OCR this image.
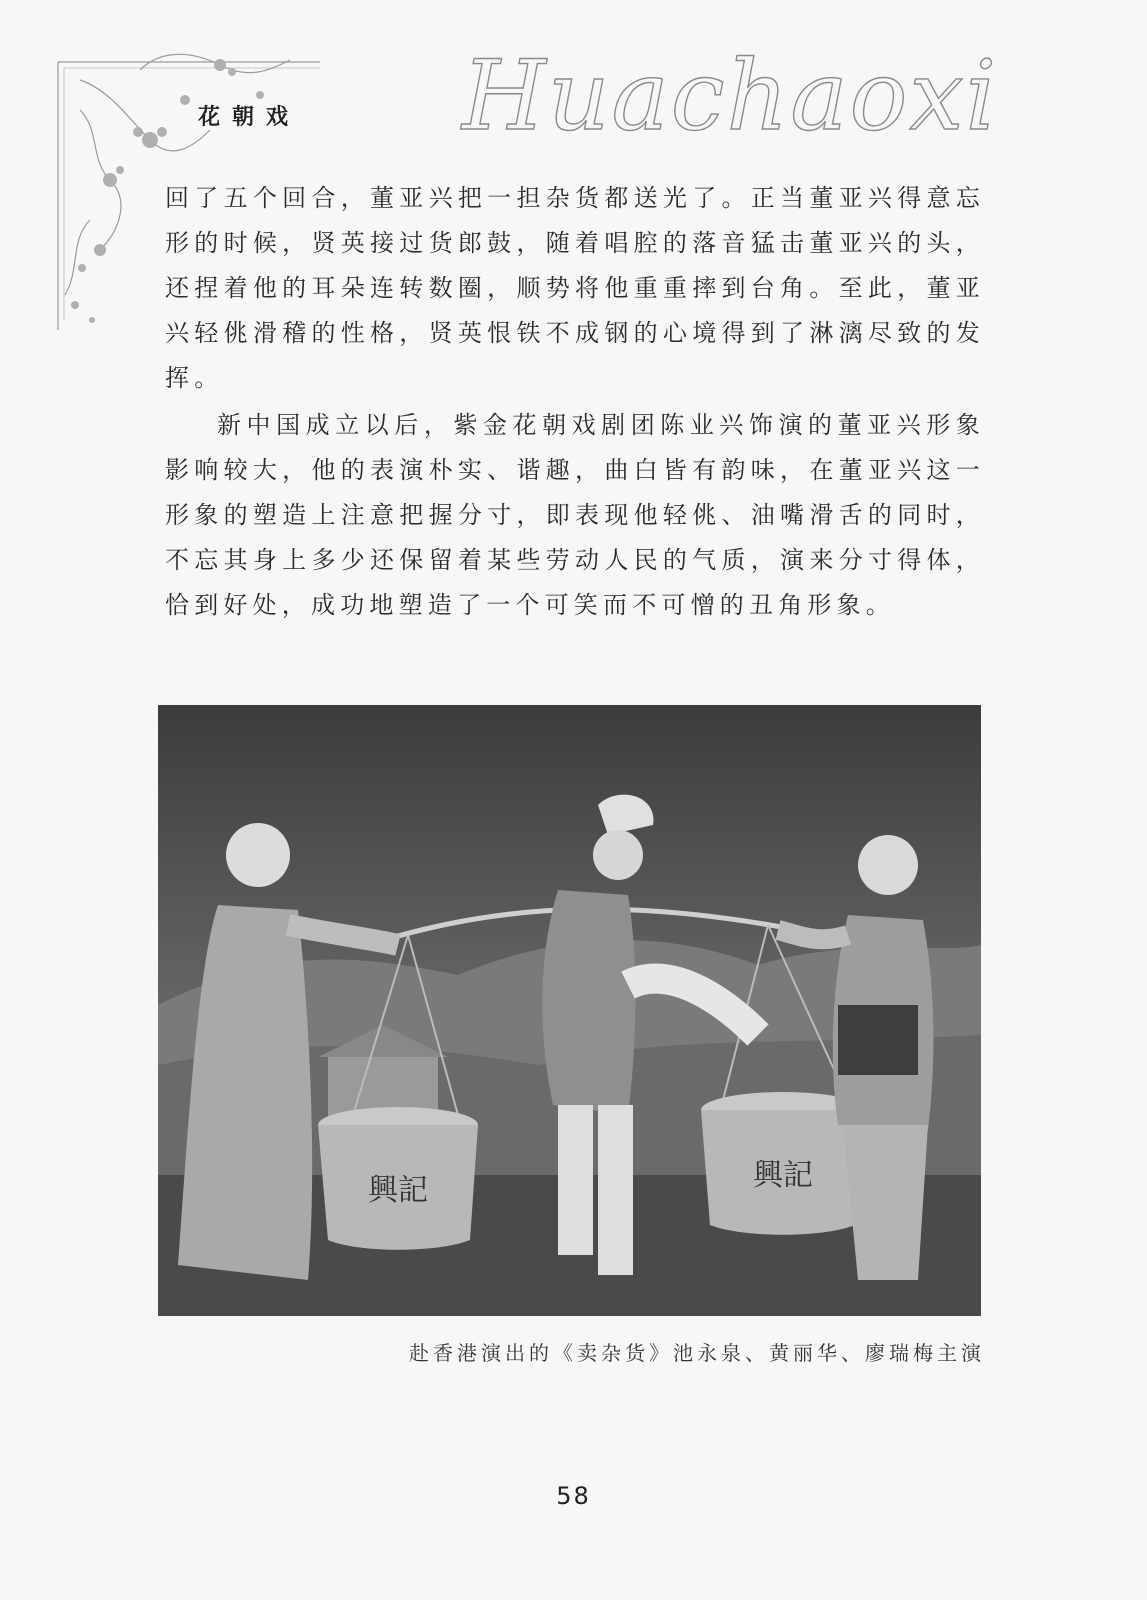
花朝戏 Huachaoxi

回了五个回合，董亚兴把一担杂货都送光了。正当董亚兴得意忘形的时候，贤英接过货郎鼓，随着唱腔的落音猛击董亚兴的头，还捏着他的耳朵连转数圈，顺势将他重重摔到台角。至此，董亚兴轻佻滑稽的性格，贤英恨铁不成钢的心境得到了淋漓尽致的发挥。

新中国成立以后，紫金花朝戏剧团陈业兴饰演的董亚兴形象影响较大，他的表演朴实、谐趣，曲白皆有韵味，在董亚兴这一形象的塑造上注意把握分寸，即表现他轻佻、油嘴滑舌的同时，不忘其身上多少还保留着某些劳动人民的气质，演来分寸得体，恰到好处，成功地塑造了一个可笑而不可憎的丑角形象。

興記	興記
赴香港演出的《卖杂货》池永泉、黄丽华、廖瑞梅主演
58
